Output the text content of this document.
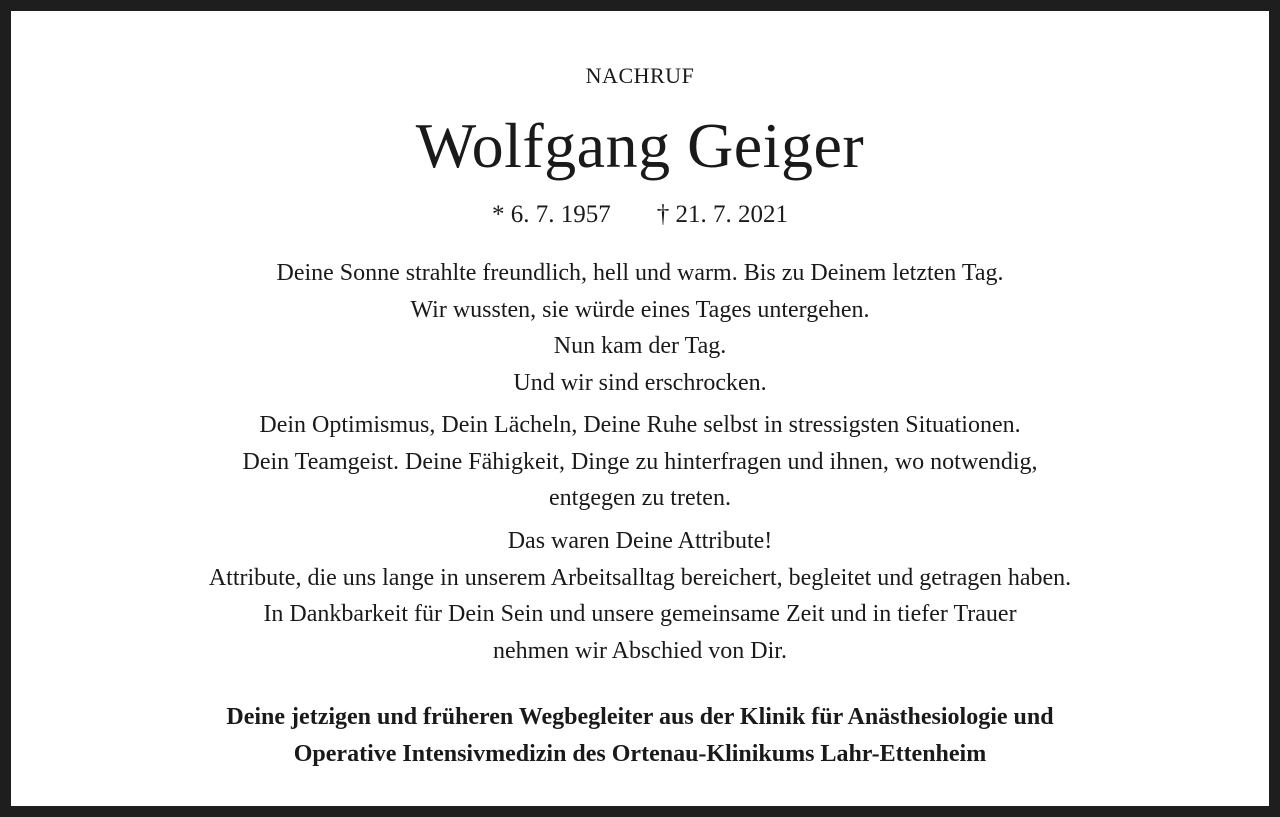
NACHRUF
Wolfgang Geiger
* 6. 7. 1957 † 21. 7. 2021
Deine Sonne strahlte freundlich, hell und warm. Bis zu Deinem letzten Tag.
Wir wussten, sie würde eines Tages untergehen.
Nun kam der Tag.
Und wir sind erschrocken.
Dein Optimismus, Dein Lächeln, Deine Ruhe selbst in stressigsten Situationen.
Dein Teamgeist. Deine Fähigkeit, Dinge zu hinterfragen und ihnen, wo notwendig,
entgegen zu treten.
Das waren Deine Attribute!
Attribute, die uns lange in unserem Arbeitsalltag bereichert, begleitet und getragen haben.
In Dankbarkeit für Dein Sein und unsere gemeinsame Zeit und in tiefer Trauer
nehmen wir Abschied von Dir.
Deine jetzigen und früheren Wegbegleiter aus der Klinik für Anästhesiologie und
Operative Intensivmedizin des Ortenau-Klinikums Lahr-Ettenheim
